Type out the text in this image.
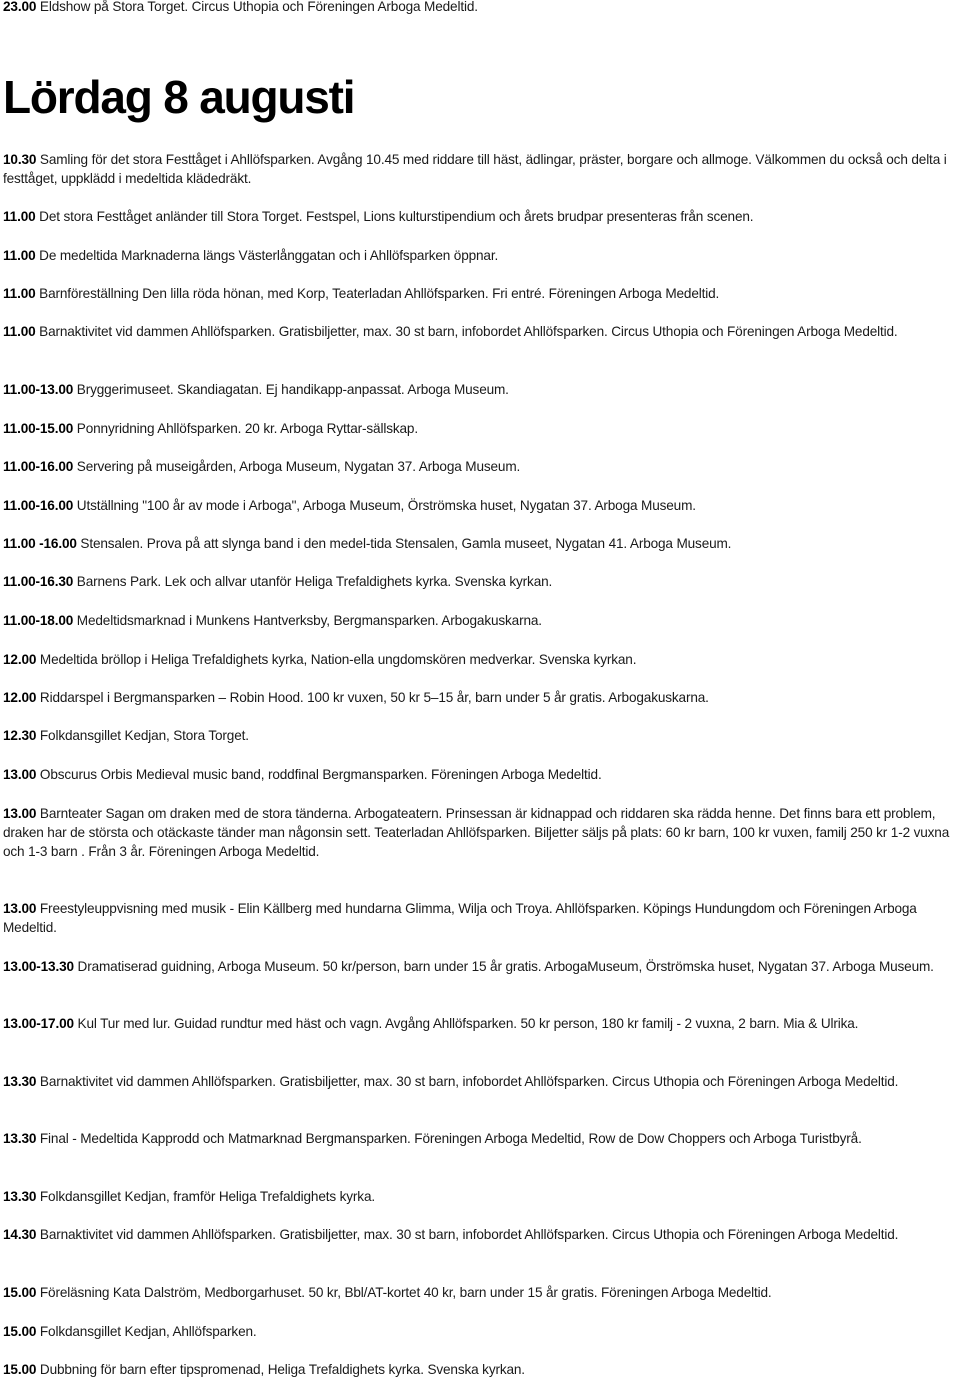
23.00 Eldshow på Stora Torget. Circus Uthopia och Föreningen Arboga Medeltid.
Lördag 8 augusti
10.30 Samling för det stora Festtåget i Ahllöfsparken. Avgång 10.45 med riddare till häst, ädlingar, präster, borgare och allmoge. Välkommen du också och delta i festtåget, uppklädd i medeltida klädedräkt.
11.00 Det stora Festtåget anländer till Stora Torget. Festspel, Lions kulturstipendium och årets brudpar presenteras från scenen.
11.00 De medeltida Marknaderna längs Västerlånggatan och i Ahllöfsparken öppnar.
11.00 Barnföreställning Den lilla röda hönan, med Korp, Teaterladan Ahllöfsparken. Fri entré. Föreningen Arboga Medeltid.
11.00 Barnaktivitet vid dammen Ahllöfsparken. Gratisbiljetter, max. 30 st barn, infobordet Ahllöfsparken. Circus Uthopia och Föreningen Arboga Medeltid.
11.00-13.00 Bryggerimuseet. Skandiagatan. Ej handikapp-anpassat. Arboga Museum.
11.00-15.00 Ponnyridning Ahllöfsparken. 20 kr. Arboga Ryttar-sällskap.
11.00-16.00 Servering på museigården, Arboga Museum, Nygatan 37. Arboga Museum.
11.00-16.00 Utställning "100 år av mode i Arboga", Arboga Museum, Örströmska huset, Nygatan 37. Arboga Museum.
11.00 -16.00 Stensalen. Prova på att slynga band i den medel-tida Stensalen, Gamla museet, Nygatan 41. Arboga Museum.
11.00-16.30 Barnens Park. Lek och allvar utanför Heliga Trefaldighets kyrka. Svenska kyrkan.
11.00-18.00 Medeltidsmarknad i Munkens Hantverksby, Bergmansparken. Arbogakuskarna.
12.00 Medeltida bröllop i Heliga Trefaldighets kyrka, Nation-ella ungdomskören medverkar. Svenska kyrkan.
12.00 Riddarspel i Bergmansparken – Robin Hood. 100 kr vuxen, 50 kr 5–15 år, barn under 5 år gratis. Arbogakuskarna.
12.30 Folkdansgillet Kedjan, Stora Torget.
13.00 Obscurus Orbis Medieval music band, roddfinal Bergmansparken. Föreningen Arboga Medeltid.
13.00 Barnteater Sagan om draken med de stora tänderna. Arbogateatern. Prinsessan är kidnappad och riddaren ska rädda henne. Det finns bara ett problem, draken har de största och otäckaste tänder man någonsin sett. Teaterladan Ahllöfsparken. Biljetter säljs på plats: 60 kr barn, 100 kr vuxen, familj 250 kr 1-2 vuxna och 1-3 barn . Från 3 år. Föreningen Arboga Medeltid.
13.00 Freestyleuppvisning med musik - Elin Källberg med hundarna Glimma, Wilja och Troya. Ahllöfsparken. Köpings Hundungdom och Föreningen Arboga Medeltid.
13.00-13.30 Dramatiserad guidning, Arboga Museum. 50 kr/person, barn under 15 år gratis. ArbogaMuseum, Örströmska huset, Nygatan 37. Arboga Museum.
13.00-17.00 Kul Tur med lur. Guidad rundtur med häst och vagn. Avgång Ahllöfsparken. 50 kr person, 180 kr familj - 2 vuxna, 2 barn. Mia & Ulrika.
13.30 Barnaktivitet vid dammen Ahllöfsparken. Gratisbiljetter, max. 30 st barn, infobordet Ahllöfsparken. Circus Uthopia och Föreningen Arboga Medeltid.
13.30 Final - Medeltida Kapprodd och Matmarknad Bergmansparken. Föreningen Arboga Medeltid, Row de Dow Choppers och Arboga Turistbyrå.
13.30 Folkdansgillet Kedjan, framför Heliga Trefaldighets kyrka.
14.30 Barnaktivitet vid dammen Ahllöfsparken. Gratisbiljetter, max. 30 st barn, infobordet Ahllöfsparken. Circus Uthopia och Föreningen Arboga Medeltid.
15.00 Föreläsning Kata Dalström, Medborgarhuset. 50 kr, Bbl/AT-kortet 40 kr, barn under 15 år gratis. Föreningen Arboga Medeltid.
15.00 Folkdansgillet Kedjan, Ahllöfsparken.
15.00 Dubbning för barn efter tipspromenad, Heliga Trefaldighets kyrka. Svenska kyrkan.
